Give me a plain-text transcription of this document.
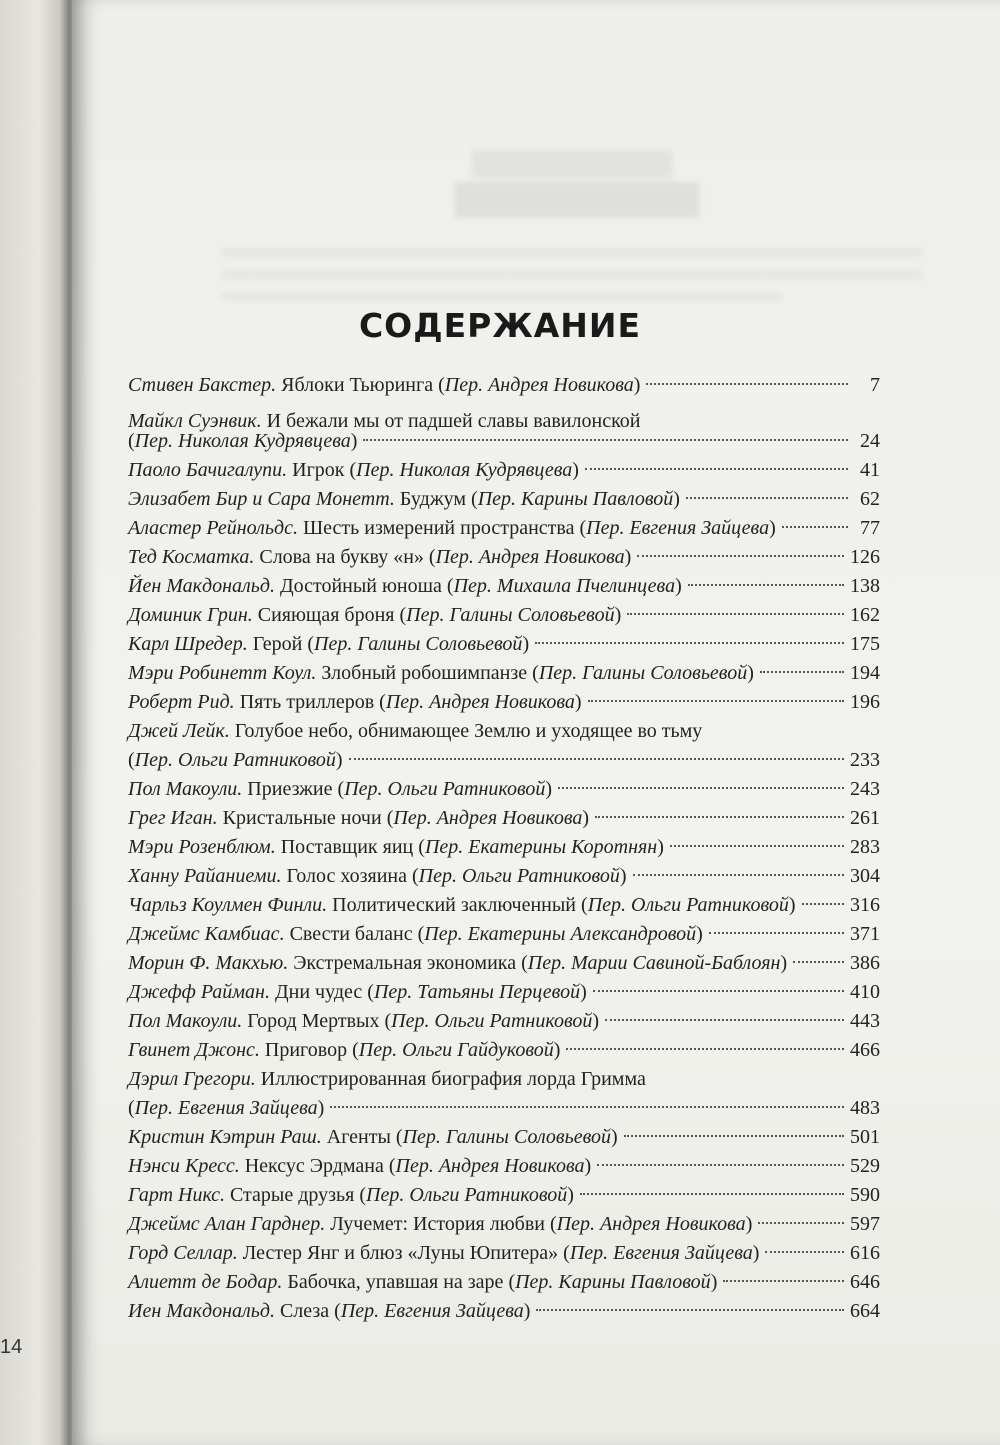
14
СОДЕРЖАНИЕ
Стивен Бакстер. Яблоки Тьюринга (Пер. Андрея Новикова)	7
Майкл Суэнвик. И бежали мы от падшей славы вавилонской
(Пер. Николая Кудрявцева)	24
Паоло Бачигалупи. Игрок (Пер. Николая Кудрявцева)	41
Элизабет Бир и Сара Монетт. Буджум (Пер. Карины Павловой)	62
Аластер Рейнольдс. Шесть измерений пространства (Пер. Евгения Зайцева)	77
Тед Косматка. Слова на букву «н» (Пер. Андрея Новикова)	126
Йен Макдональд. Достойный юноша (Пер. Михаила Пчелинцева)	138
Доминик Грин. Сияющая броня (Пер. Галины Соловьевой)	162
Карл Шредер. Герой (Пер. Галины Соловьевой)	175
Мэри Робинетт Коул. Злобный робошимпанзе (Пер. Галины Соловьевой)	194
Роберт Рид. Пять триллеров (Пер. Андрея Новикова)	196
Джей Лейк. Голубое небо, обнимающее Землю и уходящее во тьму
(Пер. Ольги Ратниковой)	233
Пол Макоули. Приезжие (Пер. Ольги Ратниковой)	243
Грег Иган. Кристальные ночи (Пер. Андрея Новикова)	261
Мэри Розенблюм. Поставщик яиц (Пер. Екатерины Коротнян)	283
Ханну Райаниеми. Голос хозяина (Пер. Ольги Ратниковой)	304
Чарльз Коулмен Финли. Политический заключенный (Пер. Ольги Ратниковой)	316
Джеймс Камбиас. Свести баланс (Пер. Екатерины Александровой)	371
Морин Ф. Макхью. Экстремальная экономика (Пер. Марии Савиной-Баблоян)	386
Джефф Райман. Дни чудес (Пер. Татьяны Перцевой)	410
Пол Макоули. Город Мертвых (Пер. Ольги Ратниковой)	443
Гвинет Джонс. Приговор (Пер. Ольги Гайдуковой)	466
Дэрил Грегори. Иллюстрированная биография лорда Гримма
(Пер. Евгения Зайцева)	483
Кристин Кэтрин Раш. Агенты (Пер. Галины Соловьевой)	501
Нэнси Кресс. Нексус Эрдмана (Пер. Андрея Новикова)	529
Гарт Никс. Старые друзья (Пер. Ольги Ратниковой)	590
Джеймс Алан Гарднер. Лучемет: История любви (Пер. Андрея Новикова)	597
Горд Селлар. Лестер Янг и блюз «Луны Юпитера» (Пер. Евгения Зайцева)	616
Алиетт де Бодар. Бабочка, упавшая на заре (Пер. Карины Павловой)	646
Иен Макдональд. Слеза (Пер. Евгения Зайцева)	664
